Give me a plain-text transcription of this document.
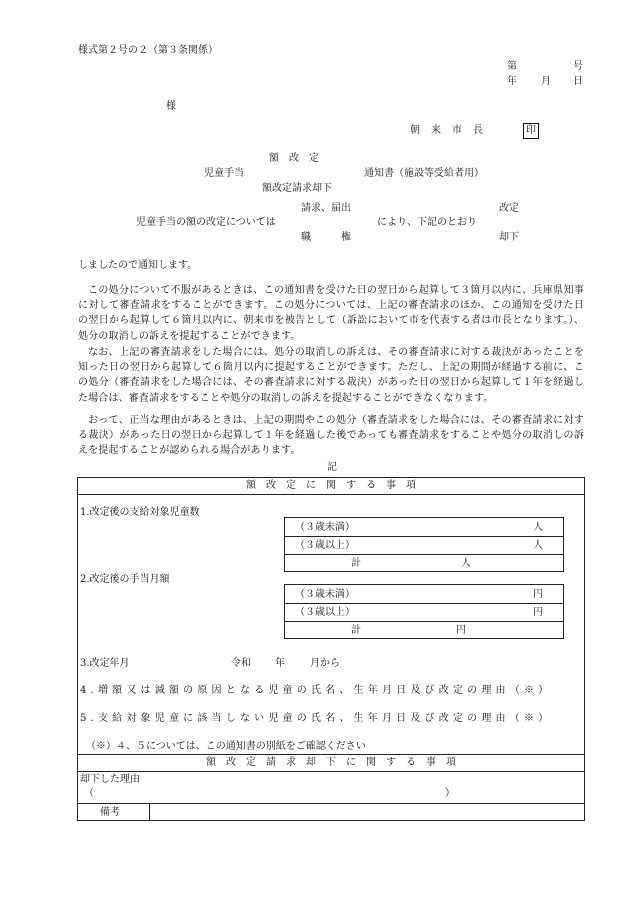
様式第２号の２（第３条関係）
第	号
年 月 日
様
朝　来　市　長	印
額　改　定
児童手当	通知書（施設等受給者用）
額改定請求却下
請求、届出	改定
児童手当の額の改定については	により、下記のとおり
職　　　権	却下
しましたので通知します。
この処分について不服があるときは、この通知書を受けた日の翌日から起算して３箇月以内に、兵庫県知事に対して審査請求をすることができます。この処分については、上記の審査請求のほか、この通知を受けた日の翌日から起算して６箇月以内に、朝来市を被告として（訴訟において市を代表する者は市長となります。）、処分の取消しの訴えを提起することができます。
なお、上記の審査請求をした場合には、処分の取消しの訴えは、その審査請求に対する裁決があったことを知った日の翌日から起算して６箇月以内に提起することができます。ただし、上記の期間が経過する前に、この処分（審査請求をした場合には、その審査請求に対する裁決）があった日の翌日から起算して１年を経過した場合は、審査請求をすることや処分の取消しの訴えを提起することができなくなります。
おって、正当な理由があるときは、上記の期間やこの処分（審査請求をした場合には、その審査請求に対する裁決）があった日の翌日から起算して１年を経過した後であっても審査請求をすることや処分の取消しの訴えを提起することが認められる場合があります。
記
額　改　定　に　関　す　る　事　項
1.改定後の支給対象児童数
（３歳未満）	人
（３歳以上）	人
計	人
2.改定後の手当月額
（３歳未満）	円
（３歳以上）	円
計	円
3.改定年月	令和 年	月から
4.増額又は減額の原因となる児童の氏名、生年月日及び改定の理由（※）
5.支給対象児童に該当しない児童の氏名、生年月日及び改定の理由（※）
（※）４、５については、この通知書の別紙をご確認ください
額　改　定　請　求　却　下　に　関　す　る　事　項
却下した理由
（	）
備考
